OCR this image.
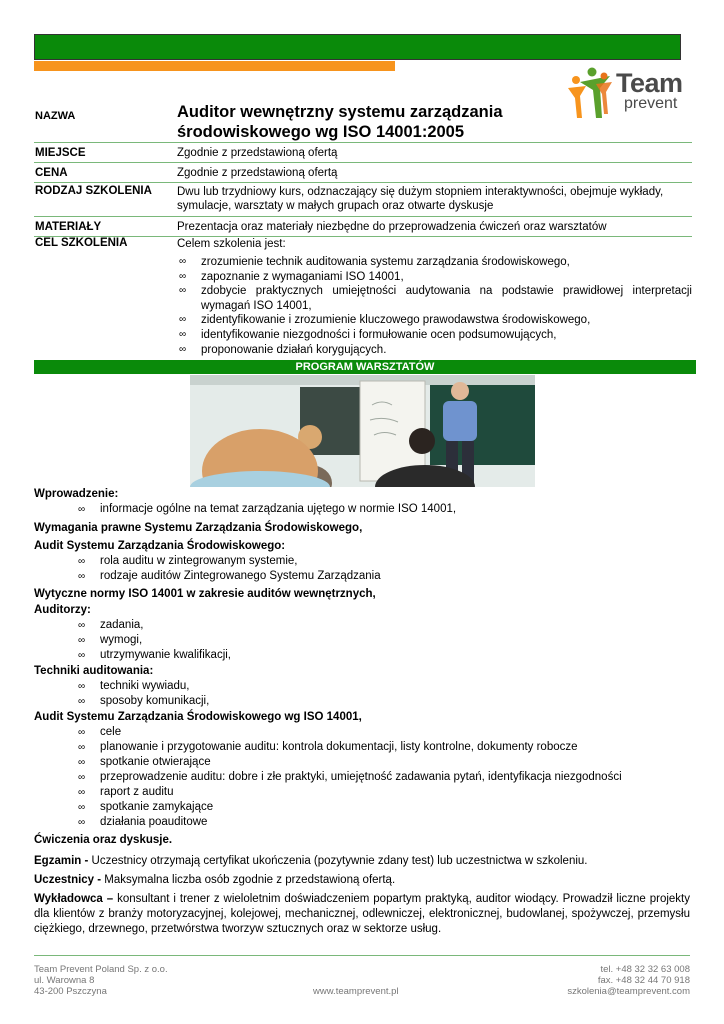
Team
prevent
NAZWA	Auditor wewnętrzny systemu zarządzania
środowiskowego wg ISO 14001:2005
MIEJSCE	Zgodnie z przedstawioną ofertą
CENA	Zgodnie z przedstawioną ofertą
RODZAJ SZKOLENIA	Dwu lub trzydniowy kurs, odznaczający się dużym stopniem interaktywności, obejmuje wykłady, symulacje, warsztaty w małych grupach oraz otwarte dyskusje
MATERIAŁY	Prezentacja oraz materiały niezbędne do przeprowadzenia ćwiczeń oraz warsztatów
CEL SZKOLENIA	Celem szkolenia jest:
∞ zrozumienie technik auditowania systemu zarządzania środowiskowego,
∞ zapoznanie z wymaganiami ISO 14001,
∞ zdobycie praktycznych umiejętności audytowania na podstawie prawidłowej interpretacji wymagań ISO 14001,
∞ zidentyfikowanie i zrozumienie kluczowego prawodawstwa środowiskowego,
∞ identyfikowanie niezgodności i formułowanie ocen podsumowujących,
∞ proponowanie działań korygujących.
PROGRAM WARSZTATÓW
Wprowadzenie:
∞ informacje ogólne na temat zarządzania ujętego w normie ISO 14001,
Wymagania prawne Systemu Zarządzania Środowiskowego,
Audit Systemu Zarządzania Środowiskowego:
∞ rola auditu w zintegrowanym systemie,
∞ rodzaje auditów Zintegrowanego Systemu Zarządzania
Wytyczne normy ISO 14001 w zakresie auditów wewnętrznych,
Auditorzy:
∞ zadania,
∞ wymogi,
∞ utrzymywanie kwalifikacji,
Techniki auditowania:
∞ techniki wywiadu,
∞ sposoby komunikacji,
Audit Systemu Zarządzania Środowiskowego wg ISO 14001,
∞ cele
∞ planowanie i przygotowanie auditu: kontrola dokumentacji, listy kontrolne, dokumenty robocze
∞ spotkanie otwierające
∞ przeprowadzenie auditu: dobre i złe praktyki, umiejętność zadawania pytań, identyfikacja niezgodności
∞ raport z auditu
∞ spotkanie zamykające
∞ działania poauditowe
Ćwiczenia oraz dyskusje.

Egzamin - Uczestnicy otrzymają certyfikat ukończenia (pozytywnie zdany test) lub uczestnictwa w szkoleniu.

Uczestnicy - Maksymalna liczba osób zgodnie z przedstawioną ofertą.

Wykładowca – konsultant i trener z wieloletnim doświadczeniem popartym praktyką, auditor wiodący. Prowadził liczne projekty dla klientów z branży motoryzacyjnej, kolejowej, mechanicznej, odlewniczej, elektronicznej, budowlanej, spożywczej, przemysłu ciężkiego, drzewnego, przetwórstwa tworzyw sztucznych oraz w sektorze usług.

Team Prevent Poland Sp. z o.o.
ul. Warowna 8
43-200 Pszczyna	www.teamprevent.pl
tel. +48 32 32 63 008
fax. +48 32 44 70 918
szkolenia@teamprevent.com
